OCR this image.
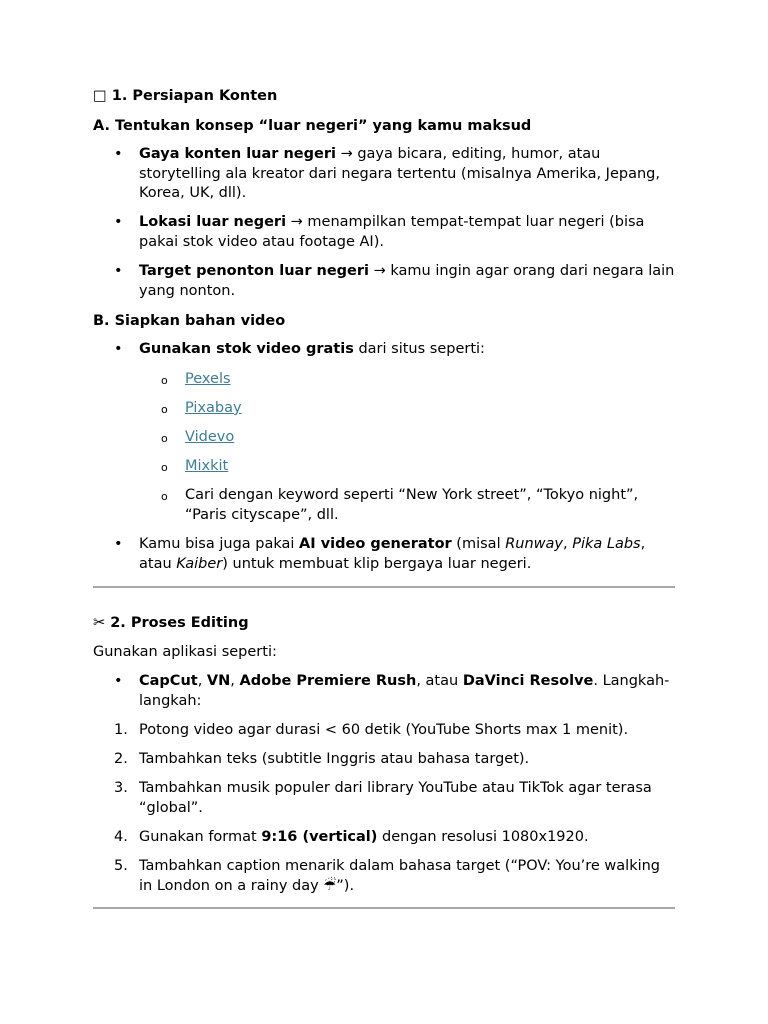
□ 1. Persiapan Konten

A. Tentukan konsep “luar negeri” yang kamu maksud

• Gaya konten luar negeri → gaya bicara, editing, humor, atau storytelling ala kreator dari negara tertentu (misalnya Amerika, Jepang, Korea, UK, dll).
• Lokasi luar negeri → menampilkan tempat-tempat luar negeri (bisa pakai stok video atau footage AI).
• Target penonton luar negeri → kamu ingin agar orang dari negara lain yang nonton.

B. Siapkan bahan video

• Gunakan stok video gratis dari situs seperti:
o Pexels
o Pixabay
o Videvo
o Mixkit
o Cari dengan keyword seperti “New York street”, “Tokyo night”, “Paris cityscape”, dll.
• Kamu bisa juga pakai AI video generator (misal Runway, Pika Labs, atau Kaiber) untuk membuat klip bergaya luar negeri.

✂ 2. Proses Editing

Gunakan aplikasi seperti:

• CapCut, VN, Adobe Premiere Rush, atau DaVinci Resolve. Langkah-langkah:
1. Potong video agar durasi < 60 detik (YouTube Shorts max 1 menit).
2. Tambahkan teks (subtitle Inggris atau bahasa target).
3. Tambahkan musik populer dari library YouTube atau TikTok agar terasa “global”.
4. Gunakan format 9:16 (vertical) dengan resolusi 1080x1920.
5. Tambahkan caption menarik dalam bahasa target (“POV: You’re walking in London on a rainy day ☔”).
